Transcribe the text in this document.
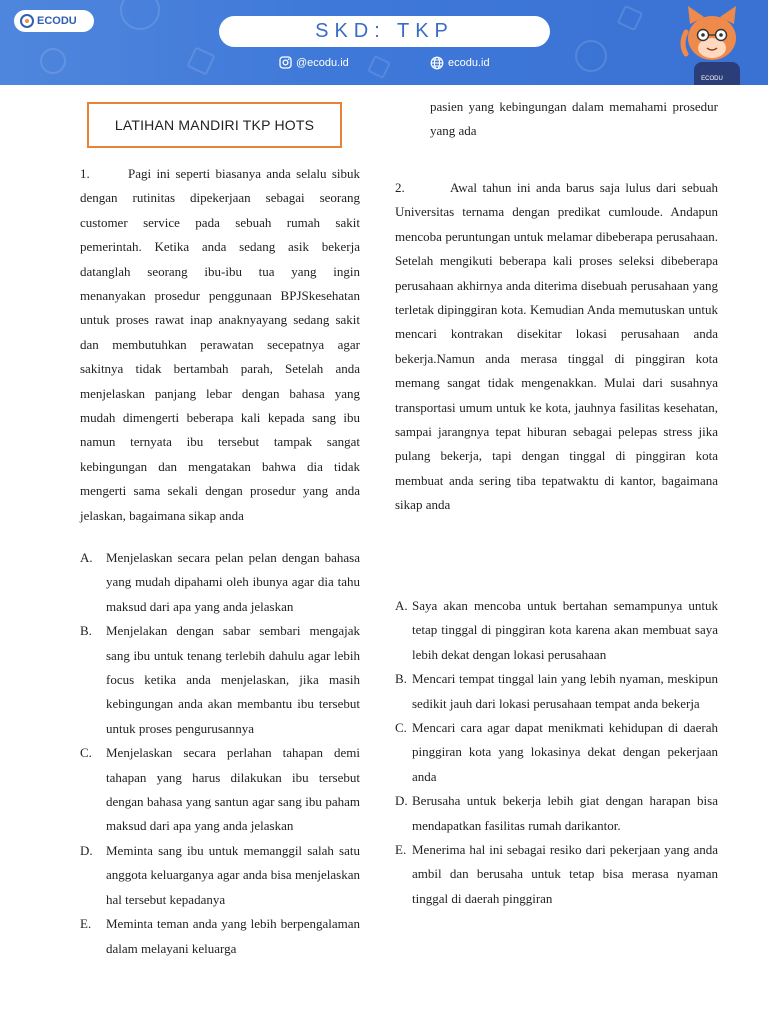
ECODU	SKD: TKP
@ecodu.id	ecodu.id
ECODU
LATIHAN MANDIRI TKP HOTS

1.	Pagi ini seperti biasanya anda selalu sibuk dengan rutinitas dipekerjaan sebagai seorang customer service pada sebuah rumah sakit pemerintah. Ketika anda sedang asik bekerja datanglah seorang ibu-ibu tua yang ingin menanyakan prosedur penggunaan BPJSkesehatan untuk proses rawat inap anaknyayang sedang sakit dan membutuhkan perawatan secepatnya agar sakitnya tidak bertambah parah, Setelah anda menjelaskan panjang lebar dengan bahasa yang mudah dimengerti beberapa kali kepada sang ibu namun ternyata ibu tersebut tampak sangat kebingungan dan mengatakan bahwa dia tidak mengerti sama sekali dengan prosedur yang anda jelaskan, bagaimana sikap anda

A.	Menjelaskan secara pelan pelan dengan bahasa yang mudah dipahami oleh ibunya agar dia tahu maksud dari apa yang anda jelaskan
B.	Menjelakan dengan sabar sembari mengajak sang ibu untuk tenang terlebih dahulu agar lebih focus ketika anda menjelaskan, jika masih kebingungan anda akan membantu ibu tersebut untuk proses pengurusannya
C.	Menjelaskan secara perlahan tahapan demi tahapan yang harus dilakukan ibu tersebut dengan bahasa yang santun agar sang ibu paham maksud dari apa yang anda jelaskan
D.	Meminta sang ibu untuk memanggil salah satu anggota keluarganya agar anda bisa menjelaskan hal tersebut kepadanya
E.	Meminta teman anda yang lebih berpengalaman dalam melayani keluarga

pasien yang kebingungan dalam memahami prosedur yang ada

2.	Awal tahun ini anda barus saja lulus dari sebuah Universitas ternama dengan predikat cumloude. Andapun mencoba peruntungan untuk melamar dibeberapa perusahaan. Setelah mengikuti beberapa kali proses seleksi dibeberapa perusahaan akhirnya anda diterima disebuah perusahaan yang terletak dipinggiran kota. Kemudian Anda memutuskan untuk mencari kontrakan disekitar lokasi perusahaan anda bekerja.Namun anda merasa tinggal di pinggiran kota memang sangat tidak mengenakkan. Mulai dari susahnya transportasi umum untuk ke kota, jauhnya fasilitas kesehatan, sampai jarangnya tepat hiburan sebagai pelepas stress jika pulang bekerja, tapi dengan tinggal di pinggiran kota membuat anda sering tiba tepatwaktu di kantor, bagaimana sikap anda

A. Saya akan mencoba untuk bertahan semampunya untuk tetap tinggal di pinggiran kota karena akan membuat saya lebih dekat dengan lokasi perusahaan
B. Mencari tempat tinggal lain yang lebih nyaman, meskipun sedikit jauh dari lokasi perusahaan tempat anda bekerja
C. Mencari cara agar dapat menikmati kehidupan di daerah pinggiran kota yang lokasinya dekat dengan pekerjaan anda
D. Berusaha untuk bekerja lebih giat dengan harapan bisa mendapatkan fasilitas rumah darikantor.
E. Menerima hal ini sebagai resiko dari pekerjaan yang anda ambil dan berusaha untuk tetap bisa merasa nyaman tinggal di daerah pinggiran
